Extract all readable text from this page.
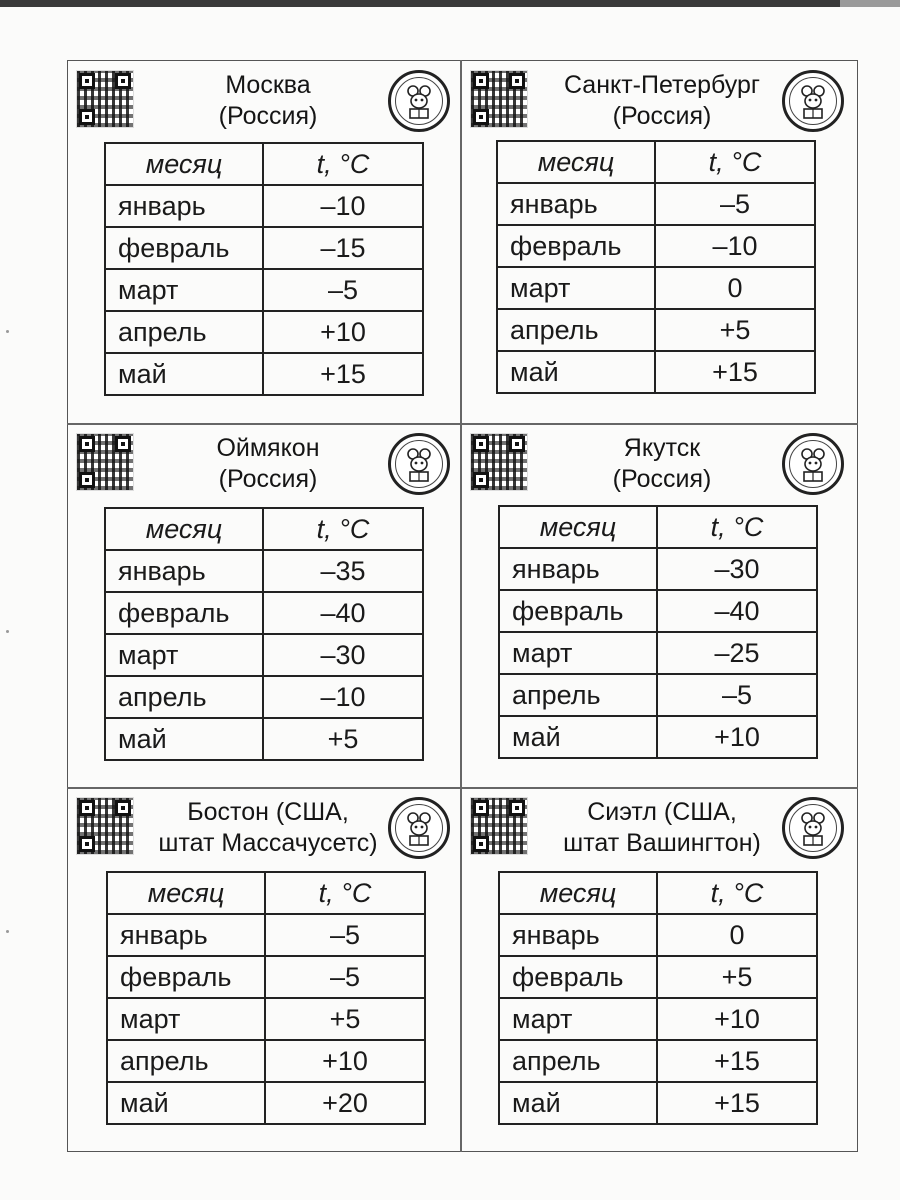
Москва
(Россия)
месяц	t, °C
январь	–10
февраль	–15
март	–5
апрель	+10
май	+15
Санкт-Петербург
(Россия)
месяц	t, °C
январь	–5
февраль	–10
март	0
апрель	+5
май	+15
Оймякон
(Россия)
месяц	t, °C
январь	–35
февраль	–40
март	–30
апрель	–10
май	+5
Якутск
(Россия)
месяц	t, °C
январь	–30
февраль	–40
март	–25
апрель	–5
май	+10
Бостон (США,
штат Массачусетс)
месяц	t, °C
январь	–5
февраль	–5
март	+5
апрель	+10
май	+20
Сиэтл (США,
штат Вашингтон)
месяц	t, °C
январь	0
февраль	+5
март	+10
апрель	+15
май	+15
